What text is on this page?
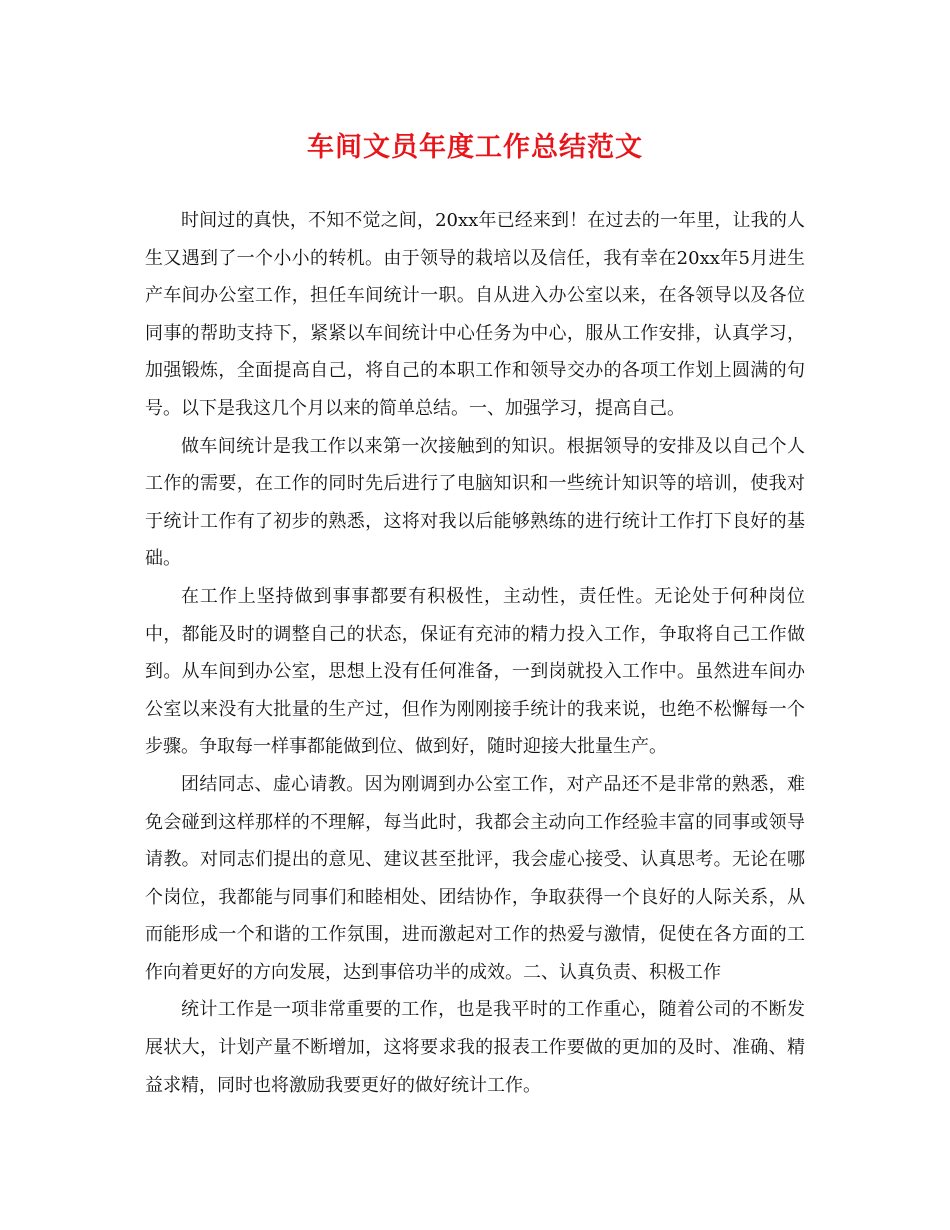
车间文员年度工作总结范文

时间过的真快，不知不觉之间，20xx年已经来到！在过去的一年里，让我的人生又遇到了一个小小的转机。由于领导的栽培以及信任，我有幸在20xx年5月进生产车间办公室工作，担任车间统计一职。自从进入办公室以来，在各领导以及各位同事的帮助支持下，紧紧以车间统计中心任务为中心，服从工作安排，认真学习，加强锻炼，全面提高自己，将自己的本职工作和领导交办的各项工作划上圆满的句号。以下是我这几个月以来的简单总结。一、加强学习，提高自己。

做车间统计是我工作以来第一次接触到的知识。根据领导的安排及以自己个人工作的需要，在工作的同时先后进行了电脑知识和一些统计知识等的培训，使我对于统计工作有了初步的熟悉，这将对我以后能够熟练的进行统计工作打下良好的基础。

在工作上坚持做到事事都要有积极性，主动性，责任性。无论处于何种岗位中，都能及时的调整自己的状态，保证有充沛的精力投入工作，争取将自己工作做到。从车间到办公室，思想上没有任何准备，一到岗就投入工作中。虽然进车间办公室以来没有大批量的生产过，但作为刚刚接手统计的我来说，也绝不松懈每一个步骤。争取每一样事都能做到位、做到好，随时迎接大批量生产。

团结同志、虚心请教。因为刚调到办公室工作，对产品还不是非常的熟悉，难免会碰到这样那样的不理解，每当此时，我都会主动向工作经验丰富的同事或领导请教。对同志们提出的意见、建议甚至批评，我会虚心接受、认真思考。无论在哪个岗位，我都能与同事们和睦相处、团结协作，争取获得一个良好的人际关系，从而能形成一个和谐的工作氛围，进而激起对工作的热爱与激情，促使在各方面的工作向着更好的方向发展，达到事倍功半的成效。二、认真负责、积极工作

统计工作是一项非常重要的工作，也是我平时的工作重心，随着公司的不断发展状大，计划产量不断增加，这将要求我的报表工作要做的更加的及时、准确、精益求精，同时也将激励我要更好的做好统计工作。
